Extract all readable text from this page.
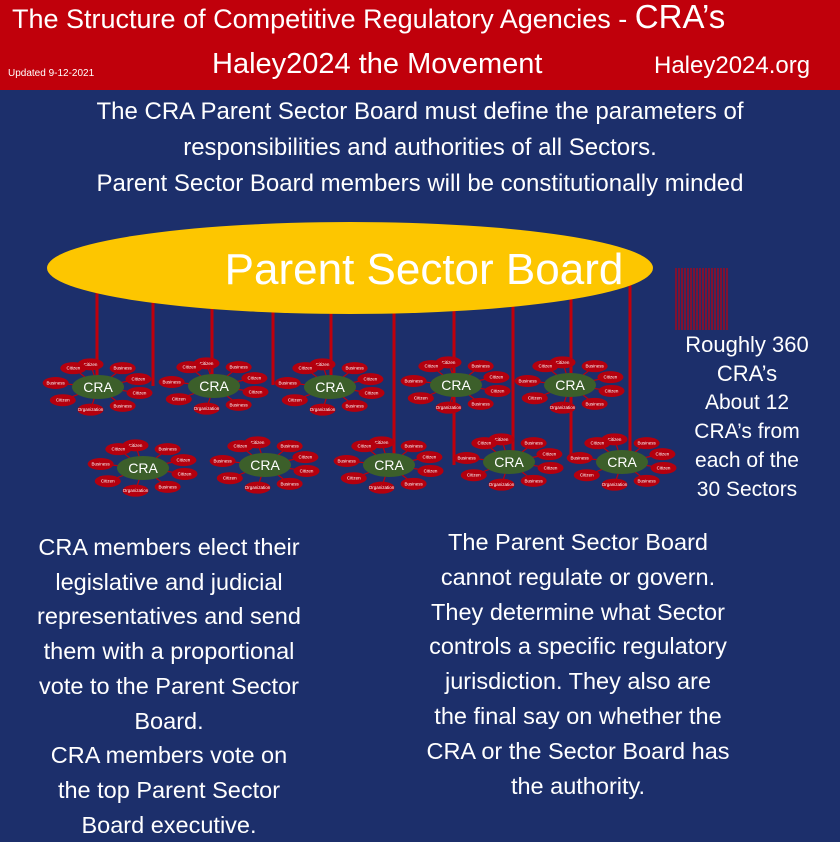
The Structure of Competitive Regulatory Agencies - CRA’s
Updated 9-12-2021	Haley2024 the Movement	Haley2024.org
The CRA Parent Sector Board must define the parameters of
responsibilities and authorities of all Sectors.
Parent Sector Board members will be constitutionally minded
Parent Sector Board
Citizen
Business
Citizen
Citizen
Business
Organization
Citizen
Business
Citizen
CRA
Citizen
Business
Citizen
Citizen
Business
Organization
Citizen
Business
Citizen
CRA
Citizen
Business
Citizen
Citizen
Business
Organization
Citizen
Business
Citizen
CRA
Citizen
Business
Citizen
Citizen
Business
Organization
Citizen
Business
Citizen
CRA
Citizen
Business
Citizen
Citizen
Business
Organization
Citizen
Business
Citizen
CRA
Citizen
Business
Citizen
Citizen
Business
Organization
Citizen
Business
Citizen
CRA
Citizen
Business
Citizen
Citizen
Business
Organization
Citizen
Business
Citizen
CRA
Citizen
Business
Citizen
Citizen
Business
Organization
Citizen
Business
Citizen
CRA
Citizen
Business
Citizen
Citizen
Business
Organization
Citizen
Business
Citizen
CRA
Citizen
Business
Citizen
Citizen
Business
Organization
Citizen
Business
Citizen
CRA
Roughly 360
CRA’s
About 12
CRA’s from
each of the
30 Sectors
CRA members elect their
legislative and judicial
representatives and send
them with a proportional
vote to the Parent Sector
Board.
CRA members vote on
the top Parent Sector
Board executive.
The Parent Sector Board
cannot regulate or govern.
They determine what Sector
controls a specific regulatory
jurisdiction. They also are
the final say on whether the
CRA or the Sector Board has
the authority.
